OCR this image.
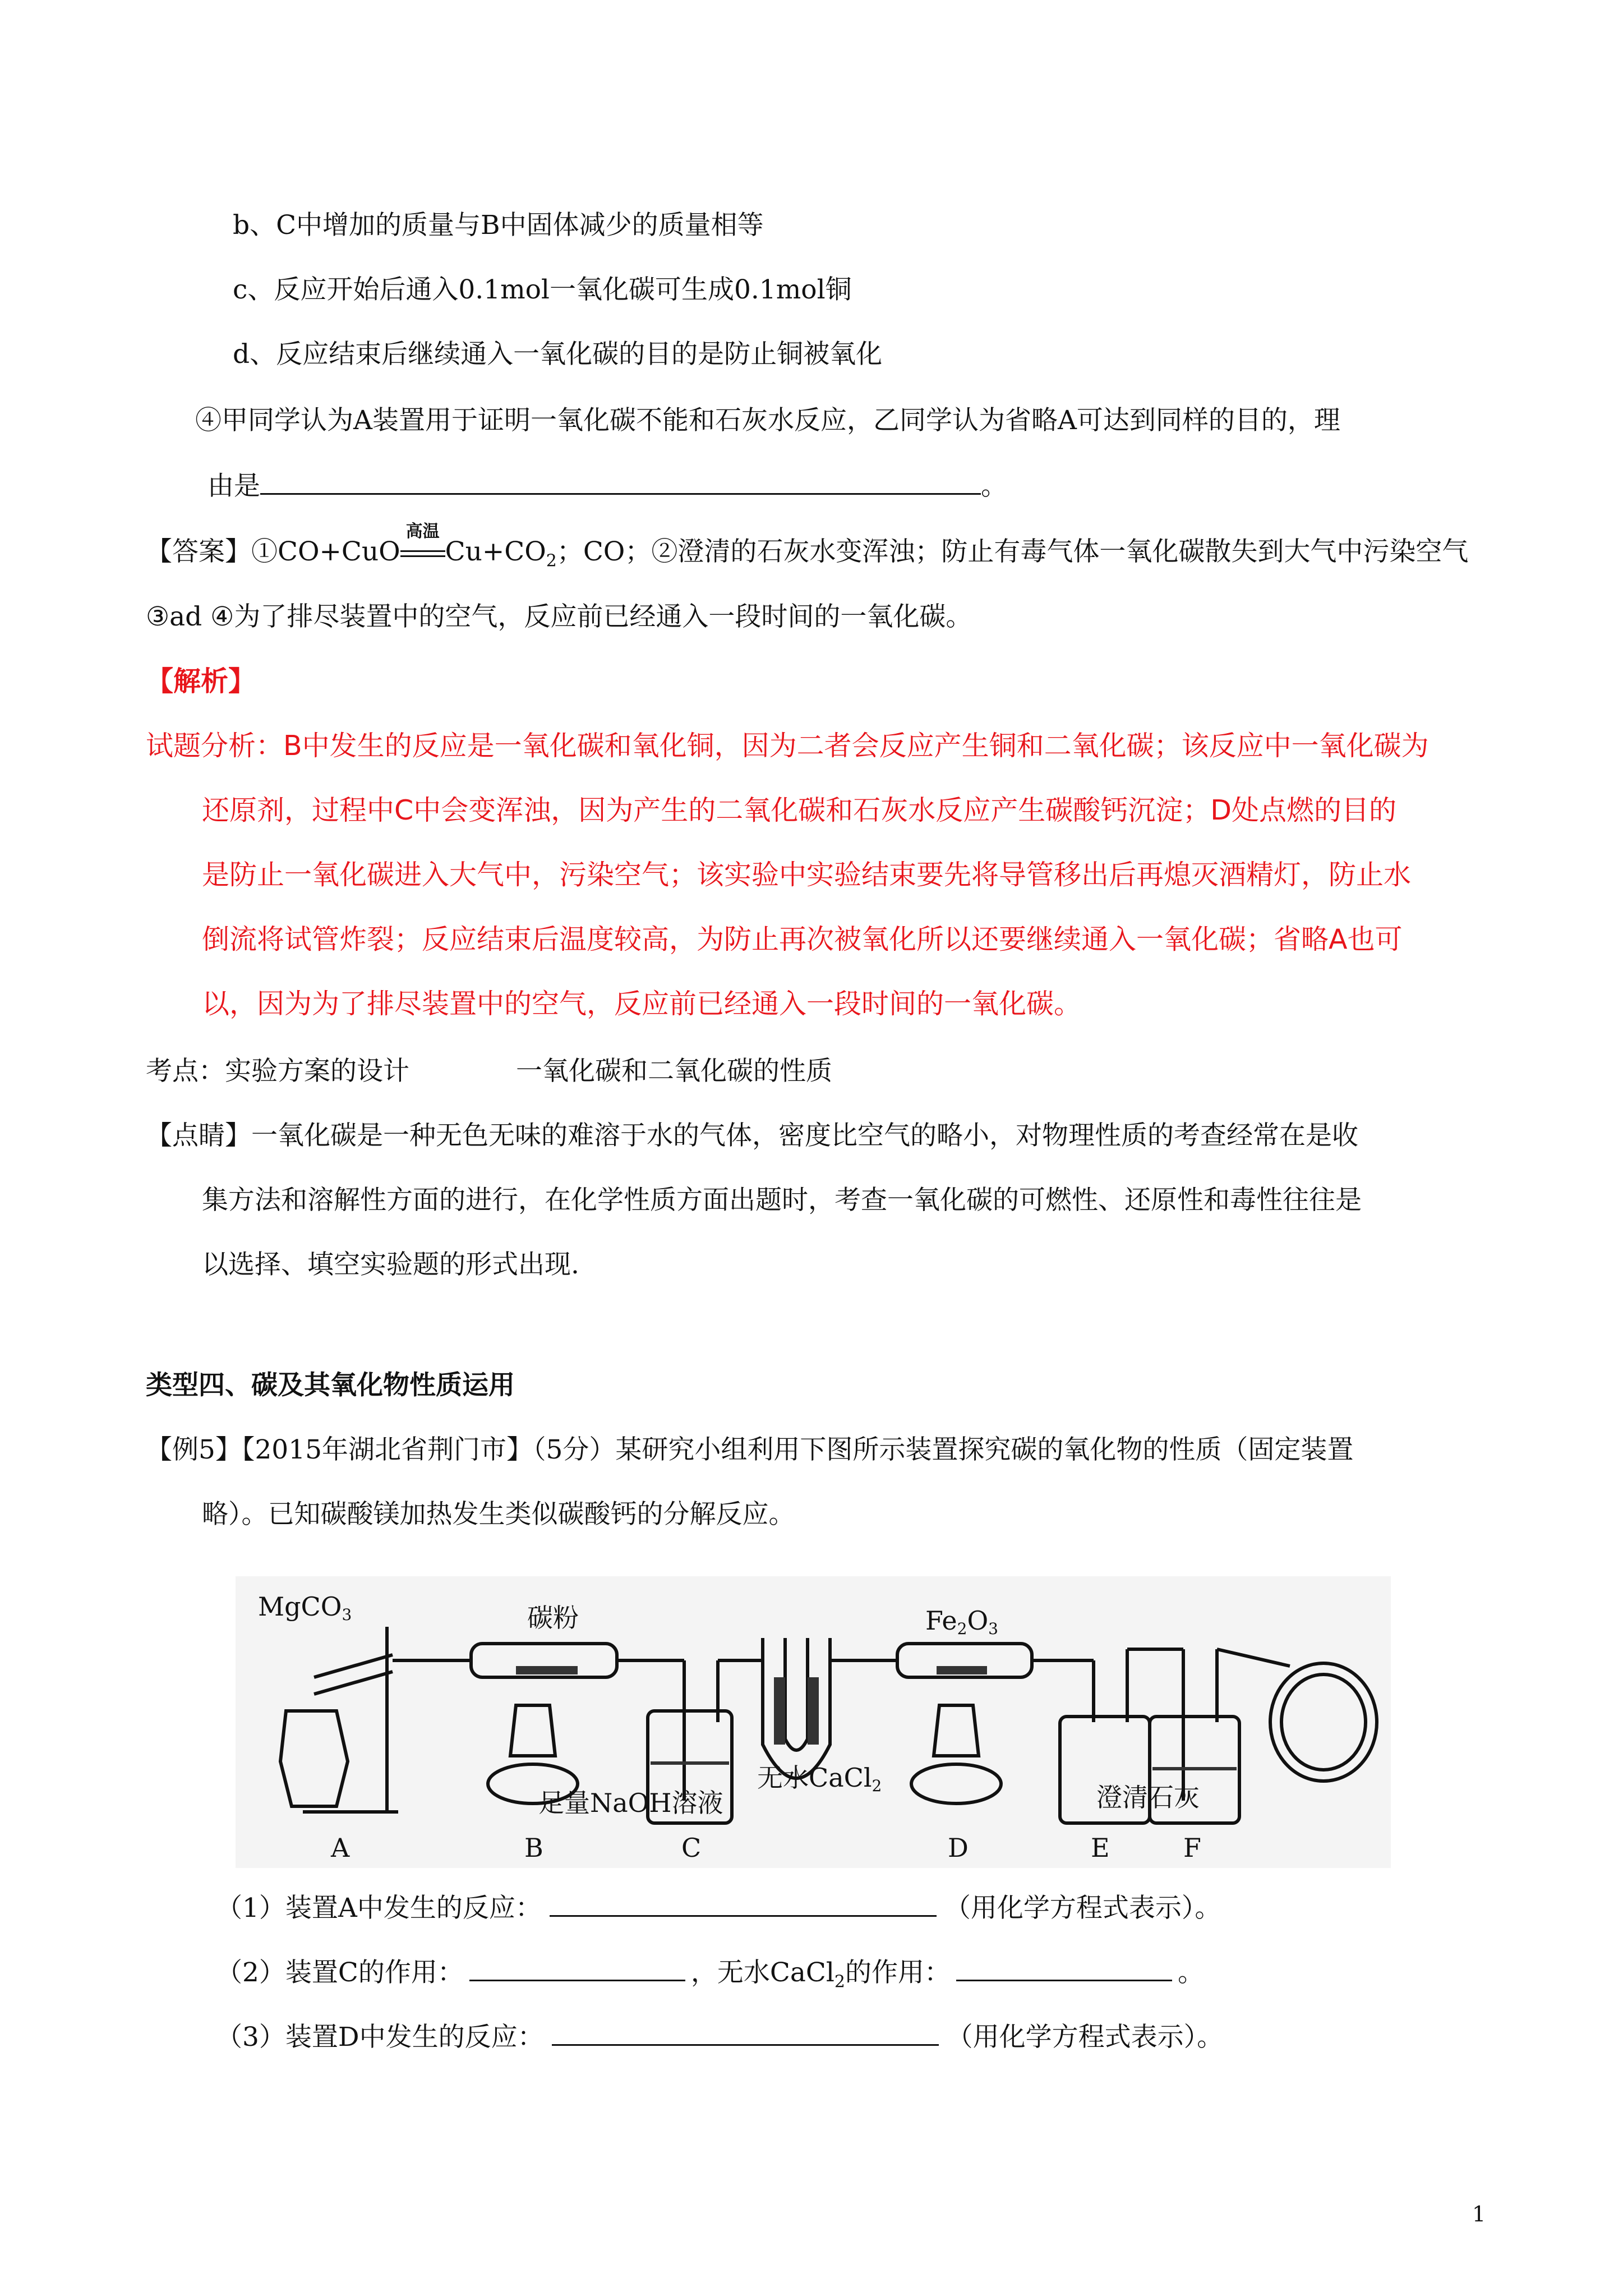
b、C中增加的质量与B中固体减少的质量相等
c、反应开始后通入0.1mol一氧化碳可生成0.1mol铜
d、反应结束后继续通入一氧化碳的目的是防止铜被氧化
④甲同学认为A装置用于证明一氧化碳不能和石灰水反应，乙同学认为省略A可达到同样的目的，理
由是	。
【答案】①CO+CuO
高温
$Cu+CO_2$；CO；②澄清的石灰水变浑浊；防止有毒气体一氧化碳散失到大气中污染空气
③ad ④为了排尽装置中的空气，反应前已经通入一段时间的一氧化碳。
【解析】
试题分析：B中发生的反应是一氧化碳和氧化铜，因为二者会反应产生铜和二氧化碳；该反应中一氧化碳为
还原剂，过程中C中会变浑浊，因为产生的二氧化碳和石灰水反应产生碳酸钙沉淀；D处点燃的目的
是防止一氧化碳进入大气中，污染空气；该实验中实验结束要先将导管移出后再熄灭酒精灯，防止水
倒流将试管炸裂；反应结束后温度较高，为防止再次被氧化所以还要继续通入一氧化碳；省略A也可
以，因为为了排尽装置中的空气，反应前已经通入一段时间的一氧化碳。
考点：实验方案的设计	一氧化碳和二氧化碳的性质
【点睛】一氧化碳是一种无色无味的难溶于水的气体，密度比空气的略小，对物理性质的考查经常在是收
集方法和溶解性方面的进行，在化学性质方面出题时，考查一氧化碳的可燃性、还原性和毒性往往是
以选择、填空实验题的形式出现.
类型四、碳及其氧化物性质运用
【例5】【2015年湖北省荆门市】（5分）某研究小组利用下图所示装置探究碳的氧化物的性质（固定装置
略）。已知碳酸镁加热发生类似碳酸钙的分解反应。
MgCO3	碳粉	Fe2O3
无水CaCl2
足量NaOH溶液	澄清石灰
A	B	C	D	E	F
（1）装置A中发生的反应：	（用化学方程式表示）。
（2）装置C的作用：	，无水CaCl$_2$的作用：	。
（3）装置D中发生的反应：	（用化学方程式表示）。
1
